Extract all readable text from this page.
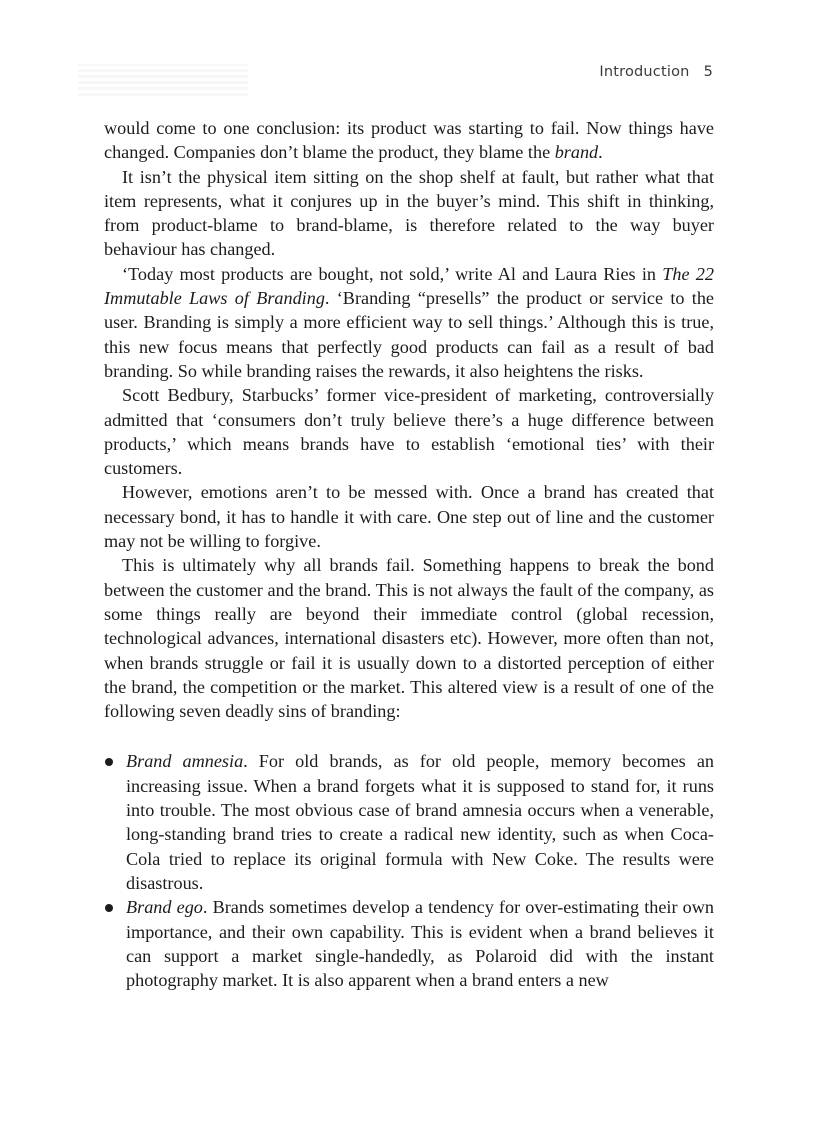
Introduction 5

would come to one conclusion: its product was starting to fail. Now things have changed. Companies don’t blame the product, they blame the brand.

It isn’t the physical item sitting on the shop shelf at fault, but rather what that item represents, what it conjures up in the buyer’s mind. This shift in thinking, from product-blame to brand-blame, is therefore related to the way buyer behaviour has changed.

‘Today most products are bought, not sold,’ write Al and Laura Ries in The 22 Immutable Laws of Branding. ‘Branding “presells” the product or service to the user. Branding is simply a more efficient way to sell things.’ Although this is true, this new focus means that perfectly good products can fail as a result of bad branding. So while branding raises the rewards, it also heightens the risks.

Scott Bedbury, Starbucks’ former vice-president of marketing, controversially admitted that ‘consumers don’t truly believe there’s a huge difference between products,’ which means brands have to establish ‘emotional ties’ with their customers.

However, emotions aren’t to be messed with. Once a brand has created that necessary bond, it has to handle it with care. One step out of line and the customer may not be willing to forgive.

This is ultimately why all brands fail. Something happens to break the bond between the customer and the brand. This is not always the fault of the company, as some things really are beyond their immediate control (global recession, technological advances, international disasters etc). However, more often than not, when brands struggle or fail it is usually down to a distorted perception of either the brand, the competition or the market. This altered view is a result of one of the following seven deadly sins of branding:

Brand amnesia. For old brands, as for old people, memory becomes an increasing issue. When a brand forgets what it is supposed to stand for, it runs into trouble. The most obvious case of brand amnesia occurs when a venerable, long-standing brand tries to create a radical new identity, such as when Coca-Cola tried to replace its original formula with New Coke. The results were disastrous.
Brand ego. Brands sometimes develop a tendency for over-estimating their own importance, and their own capability. This is evident when a brand believes it can support a market single-handedly, as Polaroid did with the instant photography market. It is also apparent when a brand enters a new
